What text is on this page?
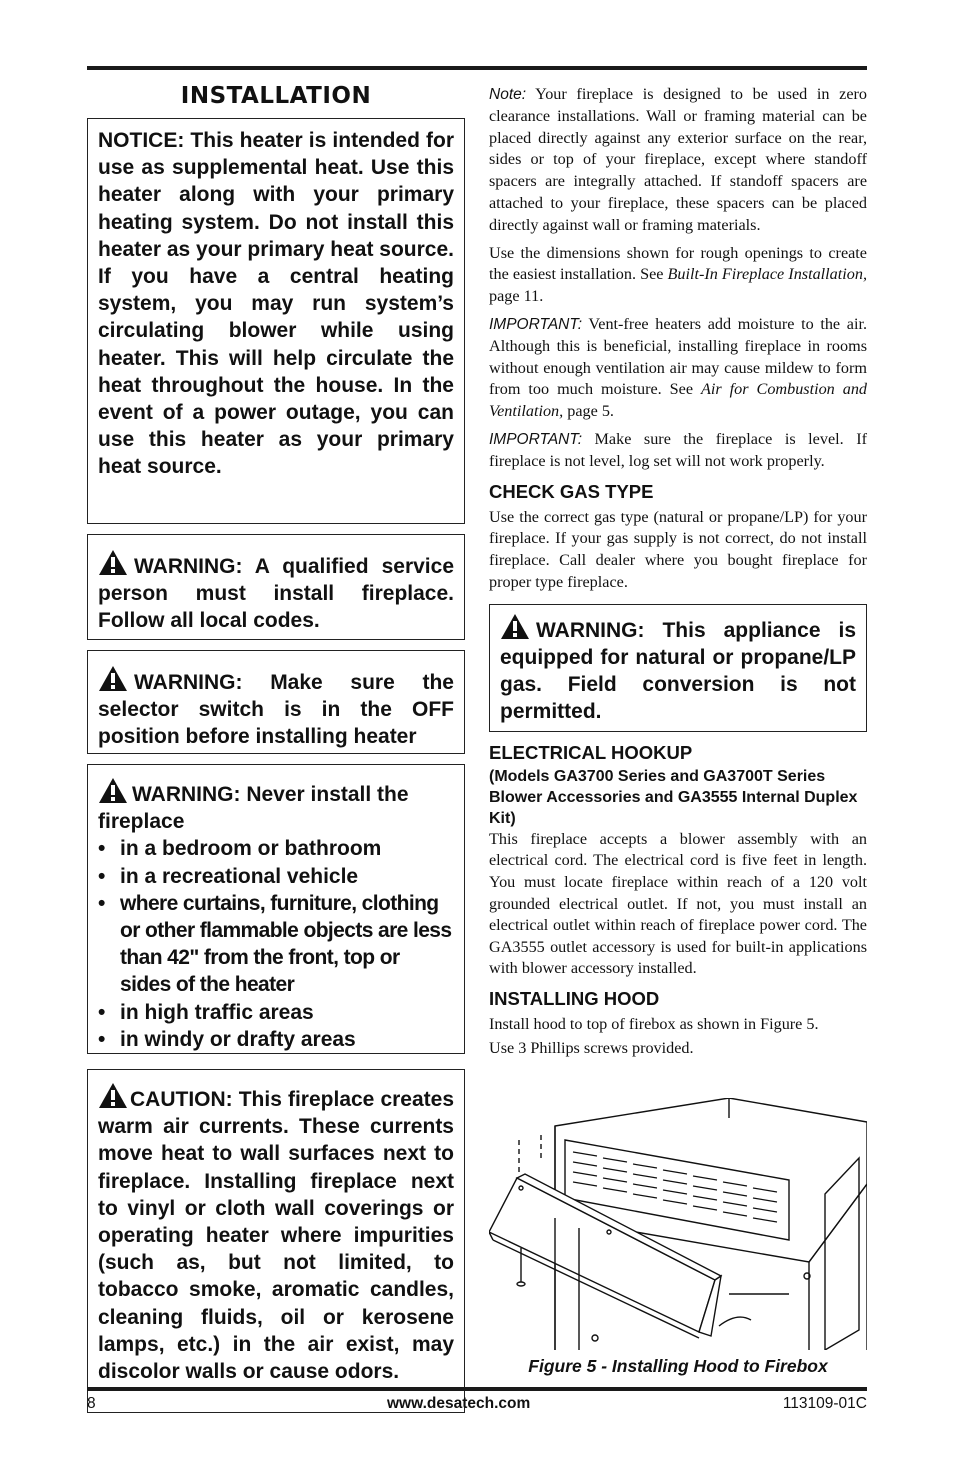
INSTALLATION

NOTICE: This heater is intended for use as supplemental heat. Use this heater along with your primary heating system. Do not install this heater as your primary heat source. If you have a central heating system, you may run system’s circulating blower while using heater. This will help circulate the heat throughout the house. In the event of a power outage, you can use this heater as your primary heat source.

WARNING: A qualified service person must install fireplace. Follow all local codes.

WARNING: Make sure the selector switch is in the OFF position before installing heater

WARNING: Never install the fireplace

• in a bedroom or bathroom
• in a recreational vehicle
• where curtains, furniture, clothing or other flammable objects are less than 42" from the front, top or sides of the heater
• in high traffic areas
• in windy or drafty areas

CAUTION: This fireplace creates warm air currents. These currents move heat to wall surfaces next to fireplace. Installing fireplace next to vinyl or cloth wall coverings or operating heater where impurities (such as, but not limited, to tobacco smoke, aromatic candles, cleaning fluids, oil or kerosene lamps, etc.) in the air exist, may discolor walls or cause odors.

Note: Your fireplace is designed to be used in zero clearance installations. Wall or framing material can be placed directly against any exterior surface on the rear, sides or top of your fireplace, except where standoff spacers are integrally attached. If standoff spacers are attached to your fireplace, these spacers can be placed directly against wall or framing materials.

Use the dimensions shown for rough openings to create the easiest installation. See Built-In Fireplace Installation, page 11.

IMPORTANT: Vent-free heaters add moisture to the air. Although this is beneficial, installing fireplace in rooms without enough ventilation air may cause mildew to form from too much moisture. See Air for Combustion and Ventilation, page 5.

IMPORTANT: Make sure the fireplace is level. If fireplace is not level, log set will not work properly.

CHECK GAS TYPE

Use the correct gas type (natural or propane/LP) for your fireplace. If your gas supply is not correct, do not install fireplace. Call dealer where you bought fireplace for proper type fireplace.

WARNING: This appliance is equipped for natural or propane/LP gas. Field conversion is not permitted.
ELECTRICAL HOOKUP

(Models GA3700 Series and GA3700T Series Blower Accessories and GA3555 Internal Duplex Kit)

This fireplace accepts a blower assembly with an electrical cord. The electrical cord is five feet in length. You must locate fireplace within reach of a 120 volt grounded electrical outlet. If not, you must install an electrical outlet within reach of fireplace power cord. The GA3555 outlet accessory is used for built-in applications with blower accessory installed.

INSTALLING HOOD

Install hood to top of firebox as shown in Figure 5.

Use 3 Phillips screws provided.

Figure 5 - Installing Hood to Firebox
8	www.desatech.com	113109-01C
